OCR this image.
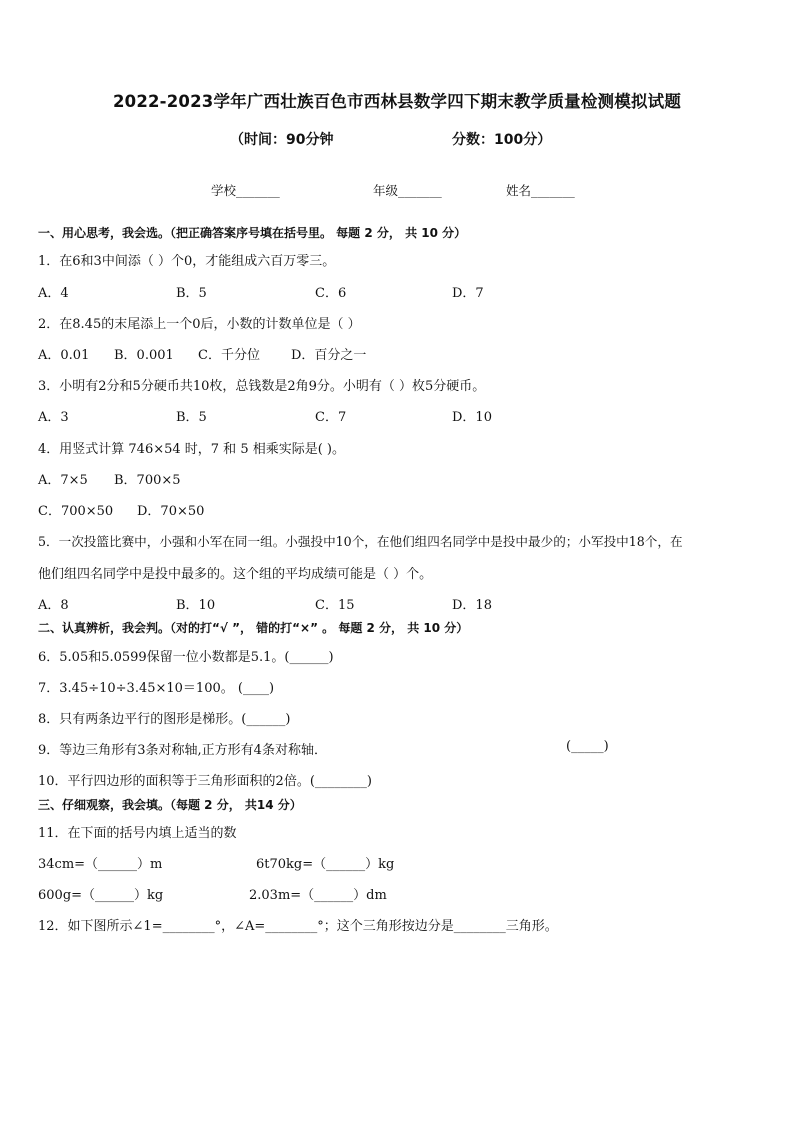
2022-2023学年广西壮族百色市西林县数学四下期末教学质量检测模拟试题
（时间：90分钟	分数：100分）
学校_______	年级_______	姓名_______
一、用心思考，我会选。（把正确答案序号填在括号里。 每题 2 分， 共 10 分）
1．在6和3中间添（ ）个0，才能组成六百万零三。
A．4	B．5	C．6	D．7
2．在8.45的末尾添上一个0后，小数的计数单位是（ ）
A．0.01 B．0.001 C．千分位 D．百分之一
3．小明有2分和5分硬币共10枚，总钱数是2角9分。小明有（ ）枚5分硬币。
A．3	B．5	C．7	D．10
4．用竖式计算 746×54 时，7 和 5 相乘实际是( )。
A．7×5 B．700×5
C．700×50 D．70×50
5．一次投篮比赛中，小强和小军在同一组。小强投中10个，在他们组四名同学中是投中最少的；小军投中18个，在
他们组四名同学中是投中最多的。这个组的平均成绩可能是（ ）个。
A．8	B．10	C．15	D．18
二、认真辨析，我会判。（对的打“√ ”， 错的打“×” 。 每题 2 分， 共 10 分）
6．5.05和5.0599保留一位小数都是5.1。(______)
7．3.45÷10÷3.45×10＝100。 (____)
8．只有两条边平行的图形是梯形。(______)
9．等边三角形有3条对称轴,正方形有4条对称轴．	(_____)
10．平行四边形的面积等于三角形面积的2倍。(________)
三、仔细观察，我会填。（每题 2 分， 共14 分）
11．在下面的括号内填上适当的数
34cm=（______）m	6t70kg=（______）kg
600g=（______）kg	2.03m=（______）dm
12．如下图所示∠1=________°，∠A=________°；这个三角形按边分是________三角形。
